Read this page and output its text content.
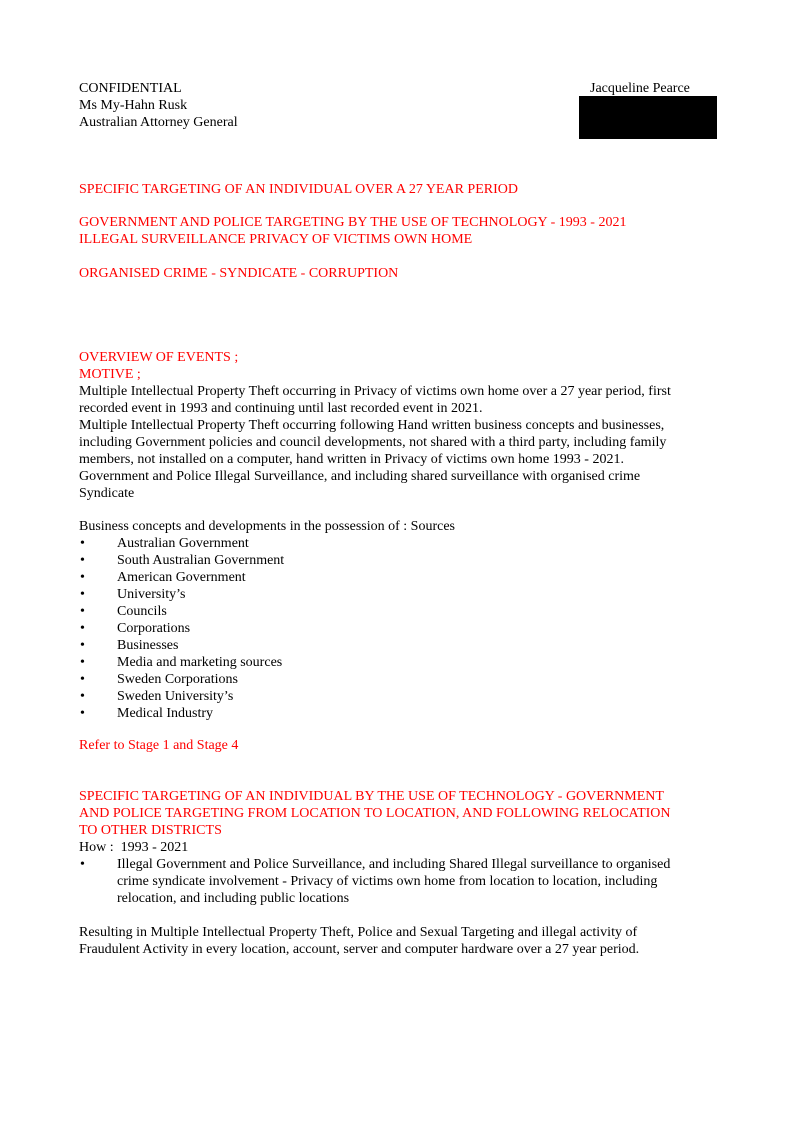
CONFIDENTIAL
Ms My-Hahn Rusk
Australian Attorney General
Jacqueline Pearce
SPECIFIC TARGETING OF AN INDIVIDUAL OVER A 27 YEAR PERIOD
GOVERNMENT AND POLICE TARGETING BY THE USE OF TECHNOLOGY - 1993 - 2021
ILLEGAL SURVEILLANCE PRIVACY OF VICTIMS OWN HOME
ORGANISED CRIME - SYNDICATE - CORRUPTION
OVERVIEW OF EVENTS ;
MOTIVE ;
Multiple Intellectual Property Theft occurring in Privacy of victims own home over a 27 year period, first
recorded event in 1993 and continuing until last recorded event in 2021.
Multiple Intellectual Property Theft occurring following Hand written business concepts and businesses,
including Government policies and council developments, not shared with a third party, including family
members, not installed on a computer, hand written in Privacy of victims own home 1993 - 2021.
Government and Police Illegal Surveillance, and including shared surveillance with organised crime
Syndicate
Business concepts and developments in the possession of : Sources
• Australian Government
• South Australian Government
• American Government
• University’s
• Councils
• Corporations
• Businesses
• Media and marketing sources
• Sweden Corporations
• Sweden University’s
• Medical Industry
Refer to Stage 1 and Stage 4
SPECIFIC TARGETING OF AN INDIVIDUAL BY THE USE OF TECHNOLOGY - GOVERNMENT
AND POLICE TARGETING FROM LOCATION TO LOCATION, AND FOLLOWING RELOCATION
TO OTHER DISTRICTS
How :  1993 - 2021
• Illegal Government and Police Surveillance, and including Shared Illegal surveillance to organised
crime syndicate involvement - Privacy of victims own home from location to location, including
relocation, and including public locations
Resulting in Multiple Intellectual Property Theft, Police and Sexual Targeting and illegal activity of
Fraudulent Activity in every location, account, server and computer hardware over a 27 year period.
